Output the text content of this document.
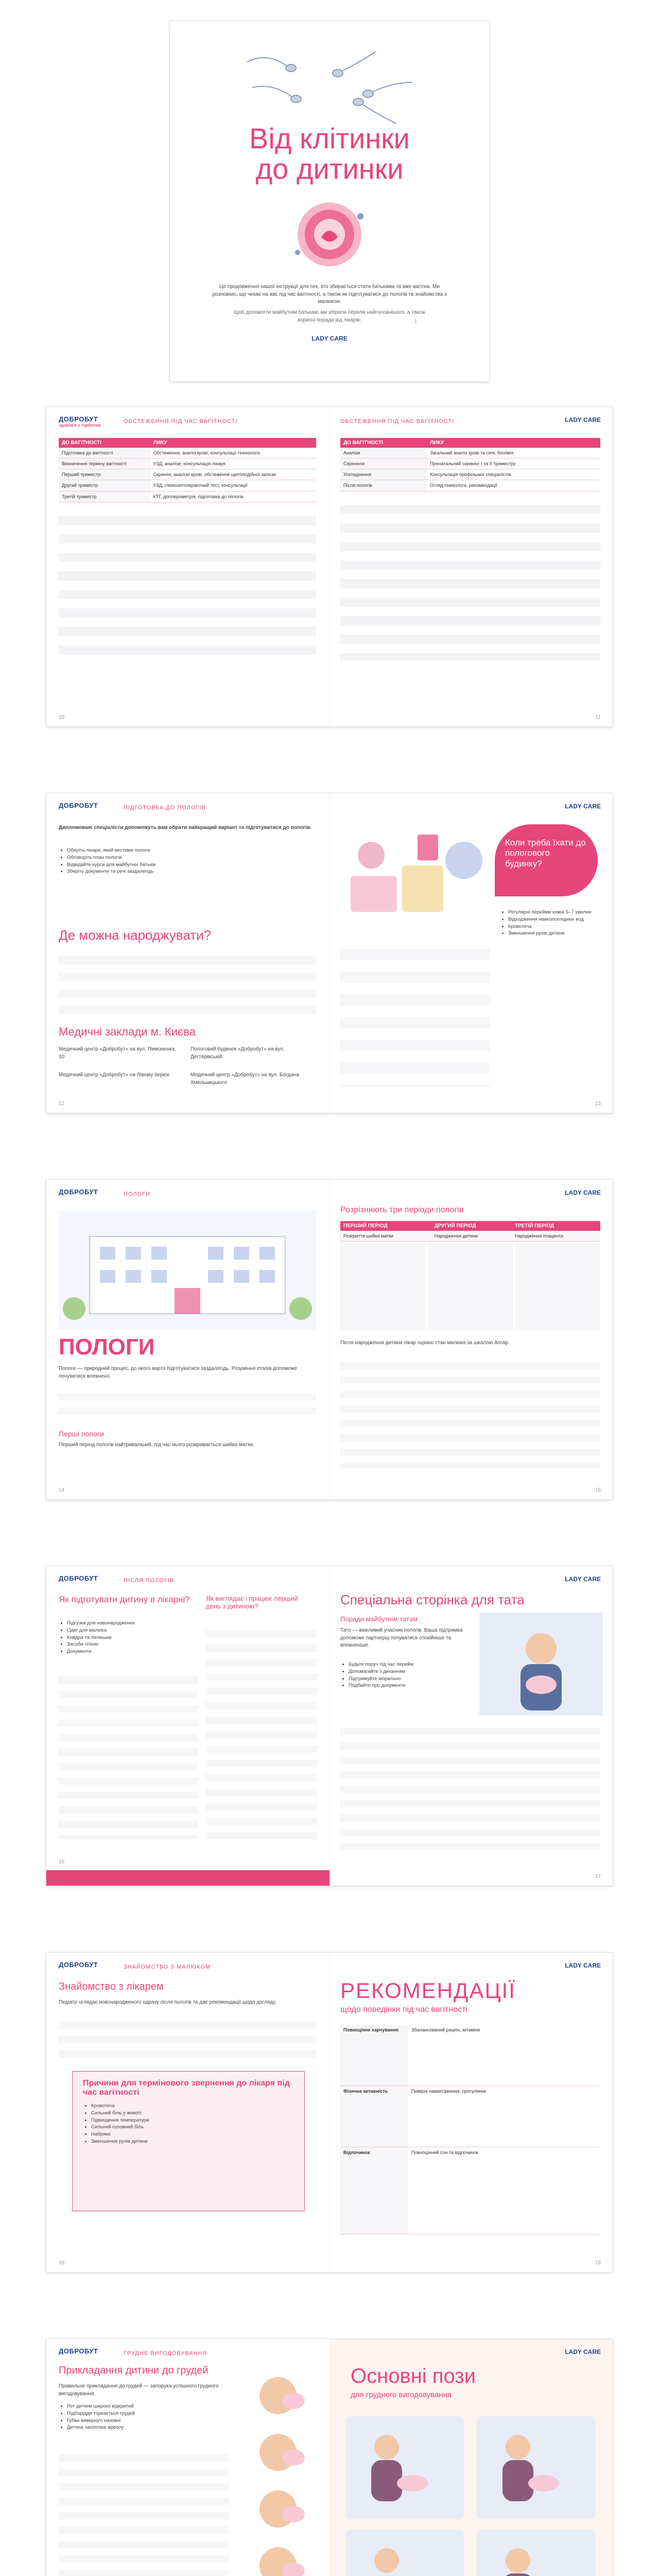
Від клітинки
до дитинки
Це продовження нашої інструкції для тих, хто збирається стати батьками та вже вагітна. Ми розповімо, що чекає на вас під час вагітності, а також як підготуватися до пологів та знайомства з малюком.
Щоб допомогти майбутнім батькам, ми зібрали перелік найголовнішого, а також корисні поради від лікарів.
LADY CARE
1
ДОБРОБУТ
здоров'я з турботою
ОБСТЕЖЕННЯ ПІД ЧАС ВАГІТНОСТІ
ДО ВАГІТНОСТІ	ЛИКУ
Підготовка до вагітності	Обстеження, аналіз крові, консультації гінеколога
Визначення терміну вагітності	УЗД, аналізи, консультація лікаря
Перший триместр	Скринінг, аналізи крові, обстеження щитоподібної залози
Другий триместр	УЗД, глюкозотолерантний тест, консультації
Третій триместр	КТГ, доплерометрія, підготовка до пологів
10
ОБСТЕЖЕННЯ ПІД ЧАС ВАГІТНОСТІ	LADY CARE
ДО ВАГІТНОСТІ	ЛИКУ
Аналізи	Загальний аналіз крові та сечі, біохімія
Скринінги	Пренатальний скринінг I та II триместру
Ускладнення	Консультація профільних спеціалістів
Після пологів	Огляд гінеколога, рекомендації
11
ДОБРОБУТ	ПІДГОТОВКА ДО ПОЛОГІВ
Дипломовані спеціалісти допоможуть вам обрати найкращий варіант та підготуватися до пологів.
• Оберіть лікаря, який вестиме пологи
• Обговоріть план пологів
• Відвідайте курси для майбутніх батьків
• Зберіть документи та речі заздалегідь
Де можна народжувати?
Медичні заклади м. Києва
Медичний центр «Добробут» на вул. Пимоненка, 10
Пологовий будинок «Добробут» на вул. Дегтярівській
Медичний центр «Добробут» на Лівому березі	Медичний центр «Добробут» на вул. Богдана Хмельницького
12
LADY CARE
Коли треба їхати до пологового будинку?
• Регулярні перейми кожні 5–7 хвилин
• Відходження навколоплідних вод
• Кровотеча
• Зменшення рухів дитини
13
ДОБРОБУТ	ПОЛОГИ
ПОЛОГИ
Пологи — природний процес, до якого варто підготуватися заздалегідь. Розуміння етапів допоможе почуватися впевнено.
Перші пологи
Перший період пологів найтриваліший, під час нього розкривається шийка матки.
14
LADY CARE
Розрізняють три періоди пологів
ПЕРШИЙ ПЕРІОД	ДРУГИЙ ПЕРІОД	ТРЕТІЙ ПЕРІОД
Розкриття шийки матки	Народження дитини	Народження плаценти
Після народження дитини лікар оцінює стан малюка за шкалою Апгар.
15
ДОБРОБУТ	ПІСЛЯ ПОЛОГІВ
Як підготувати дитину в лікарні?
• Підгузки для новонароджених
• Одяг для малюка
• Ковдра та пелюшки
• Засоби гігієни
• Документи
Як виглядає і працює перший день з дитиною?
16
LADY CARE
Спеціальна сторінка для тата
Поради майбутнім татам
Тато — важливий учасник пологів. Ваша підтримка допоможе партнерці почуватися спокійніше та впевненіше.
• Будьте поруч під час перейм
• Допомагайте з диханням
• Підтримуйте морально
• Подбайте про документи
17
ДОБРОБУТ	ЗНАЙОМСТВО З МАЛЮКОМ
Знайомство з лікарем
Педіатр оглядає новонародженого одразу після пологів та дає рекомендації щодо догляду.
Причини для термінового звернення до лікаря під час вагітності
• Кровотеча
• Сильний біль у животі
• Підвищення температури
• Сильний головний біль
• Набряки
• Зменшення рухів дитини
18
LADY CARE
РЕКОМЕНДАЦІЇ
щодо поведінки під час вагітності
Повноцінне харчування	Збалансований раціон, вітаміни
Фізична активність	Помірні навантаження, прогулянки
Відпочинок	Повноцінний сон та відпочинок
19
ДОБРОБУТ	ГРУДНЕ ВИГОДОВУВАННЯ
Прикладання дитини до грудей
Правильне прикладання до грудей — запорука успішного грудного вигодовування.
• Рот дитини широко відкритий
• Підборіддя торкається грудей
• Губки вивернуті назовні
• Дитина захоплює ареолу
LADY CARE
Основні пози
для грудного вигодовування
